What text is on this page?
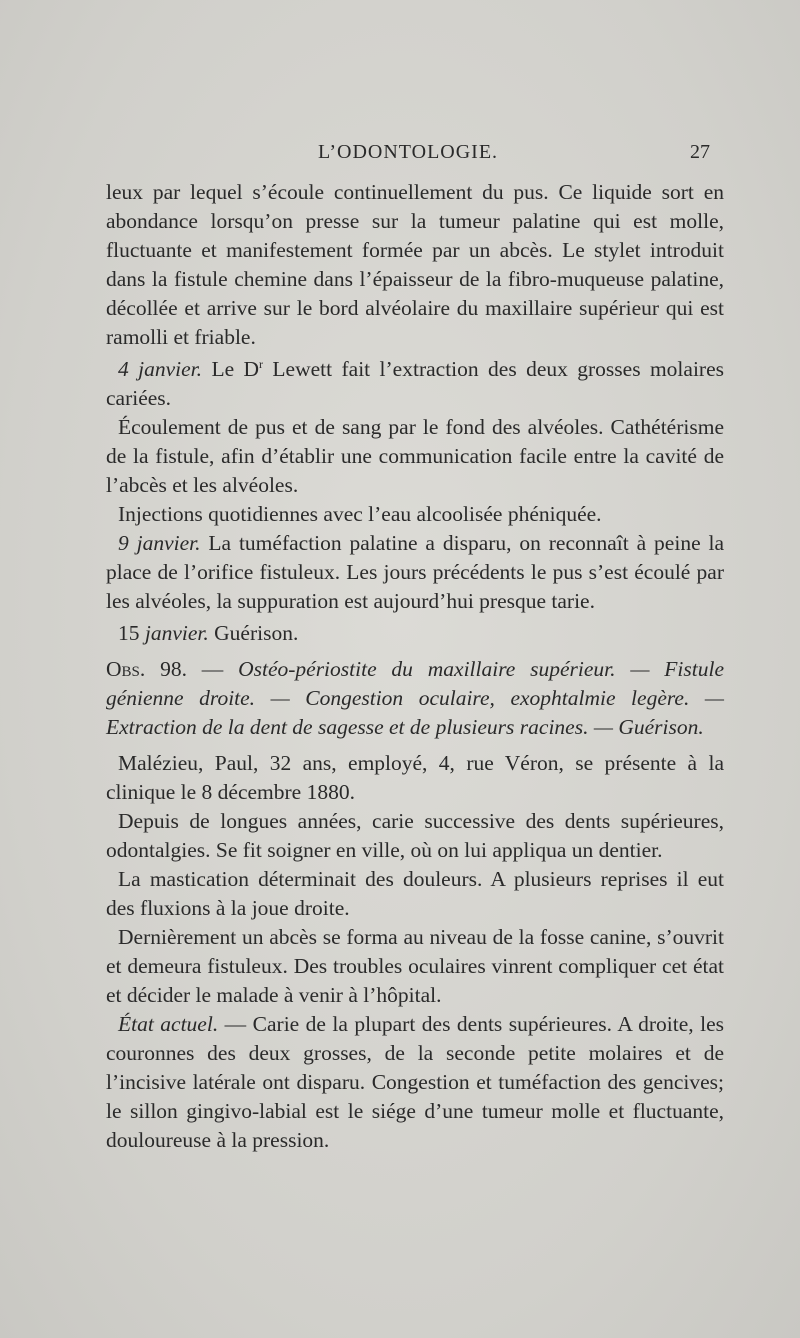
L’ODONTOLOGIE.	27

leux par lequel s’écoule continuellement du pus. Ce liquide sort en abondance lorsqu’on presse sur la tumeur palatine qui est molle, fluctuante et manifestement formée par un abcès. Le stylet introduit dans la fistule chemine dans l’épaisseur de la fibro-muqueuse palatine, décollée et arrive sur le bord alvéolaire du maxillaire supérieur qui est ramolli et friable.

4 janvier. Le $D^r$ Lewett fait l’extraction des deux grosses molaires cariées.

Écoulement de pus et de sang par le fond des alvéoles. Cathétérisme de la fistule, afin d’établir une communication facile entre la cavité de l’abcès et les alvéoles.

Injections quotidiennes avec l’eau alcoolisée phéniquée.

9 janvier. La tuméfaction palatine a disparu, on reconnaît à peine la place de l’orifice fistuleux. Les jours précédents le pus s’est écoulé par les alvéoles, la suppuration est aujourd’hui presque tarie.

15 janvier. Guérison.

Obs. 98. — Ostéo-périostite du maxillaire supérieur. — Fistule génienne droite. — Congestion oculaire, exophtalmie legère. — Extraction de la dent de sagesse et de plusieurs racines. — Guérison.

Malézieu, Paul, 32 ans, employé, 4, rue Véron, se présente à la clinique le 8 décembre 1880.

Depuis de longues années, carie successive des dents supérieures, odontalgies. Se fit soigner en ville, où on lui appliqua un dentier.

La mastication déterminait des douleurs. A plusieurs reprises il eut des fluxions à la joue droite.

Dernièrement un abcès se forma au niveau de la fosse canine, s’ouvrit et demeura fistuleux. Des troubles oculaires vinrent compliquer cet état et décider le malade à venir à l’hôpital.

État actuel. — Carie de la plupart des dents supérieures. A droite, les couronnes des deux grosses, de la seconde petite molaires et de l’incisive latérale ont disparu. Congestion et tuméfaction des gencives; le sillon gingivo-labial est le siége d’une tumeur molle et fluctuante, douloureuse à la pression.
